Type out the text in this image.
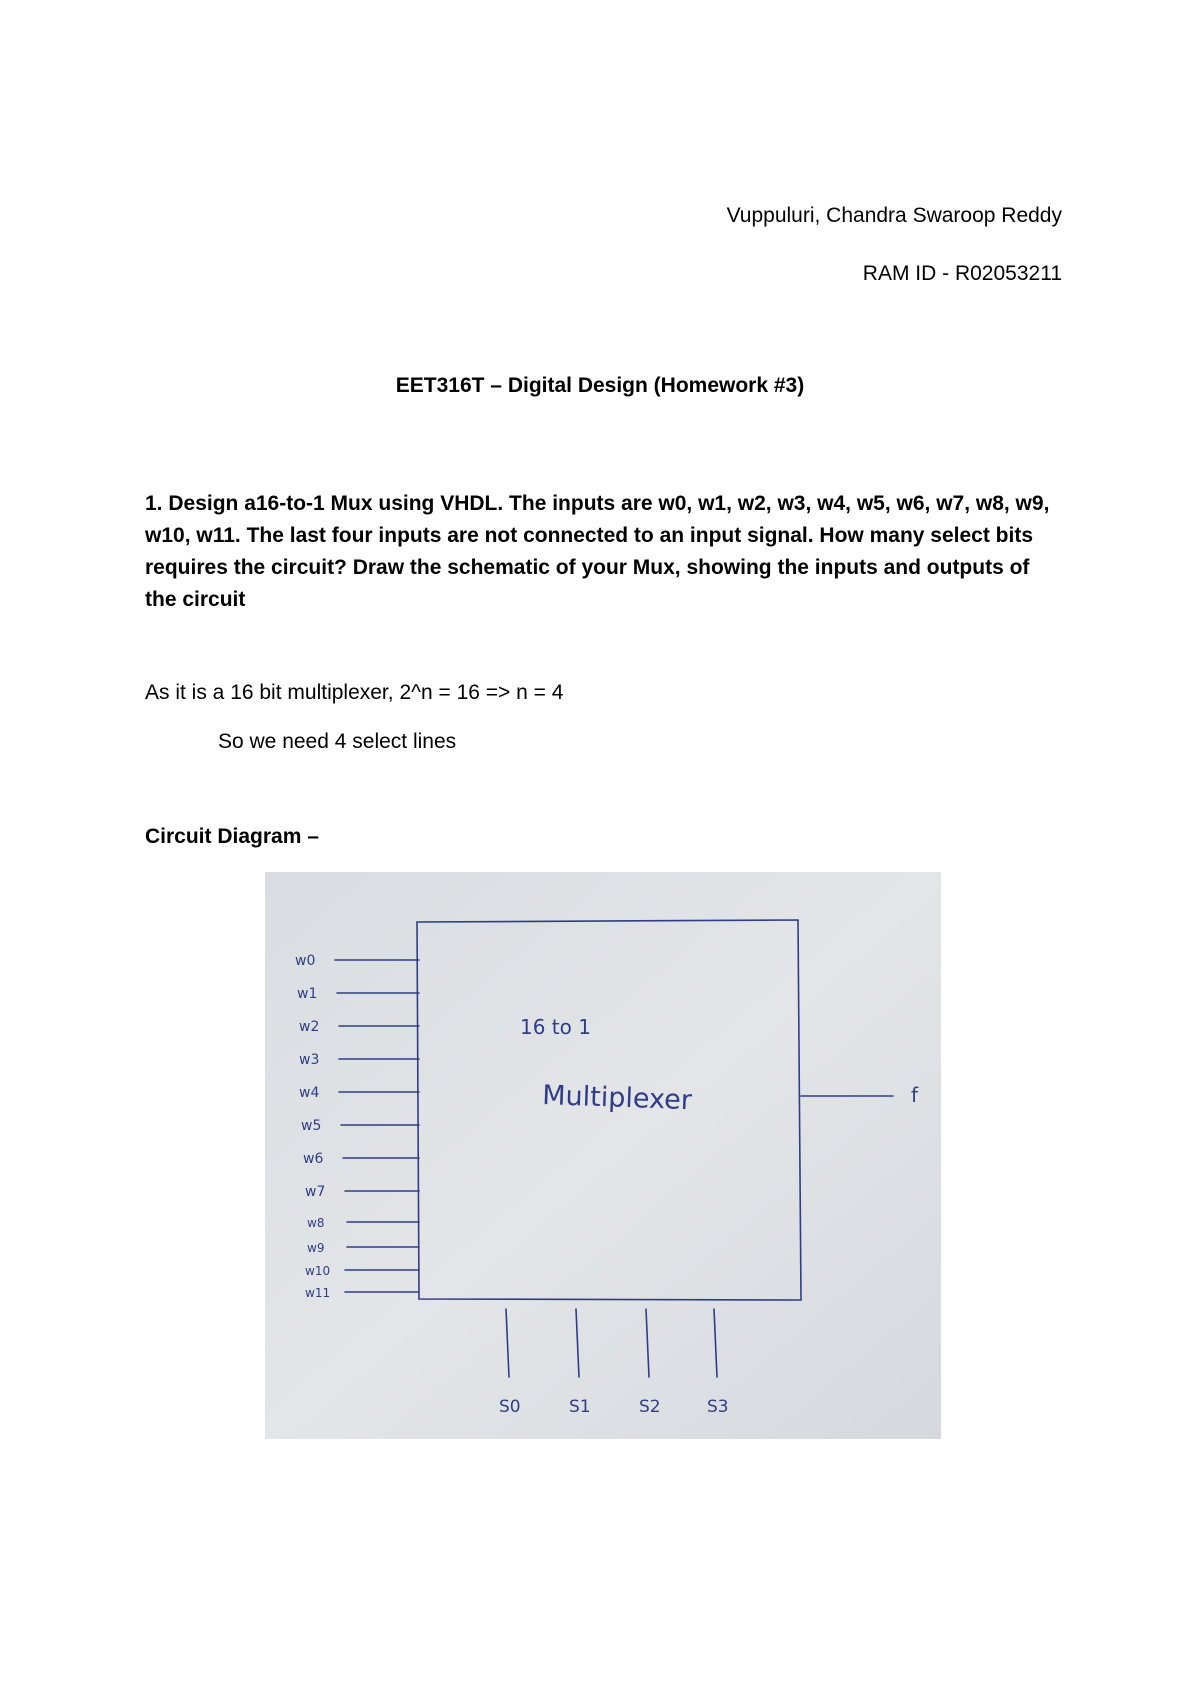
Vuppuluri, Chandra Swaroop Reddy
RAM ID - R02053211
EET316T – Digital Design (Homework #3)
1. Design a16-to-1 Mux using VHDL. The inputs are w0, w1, w2, w3, w4, w5, w6, w7, w8, w9, w10, w11. The last four inputs are not connected to an input signal. How many select bits requires the circuit? Draw the schematic of your Mux, showing the inputs and outputs of the circuit
As it is a 16 bit multiplexer, 2^n = 16 => n = 4
So we need 4 select lines
Circuit Diagram –
w0
w1
w2
w3
w4
w5
w6
w7
w8
w9
w10
w11
16 to 1
Multiplexer	f
S0	S1	S2	S3
